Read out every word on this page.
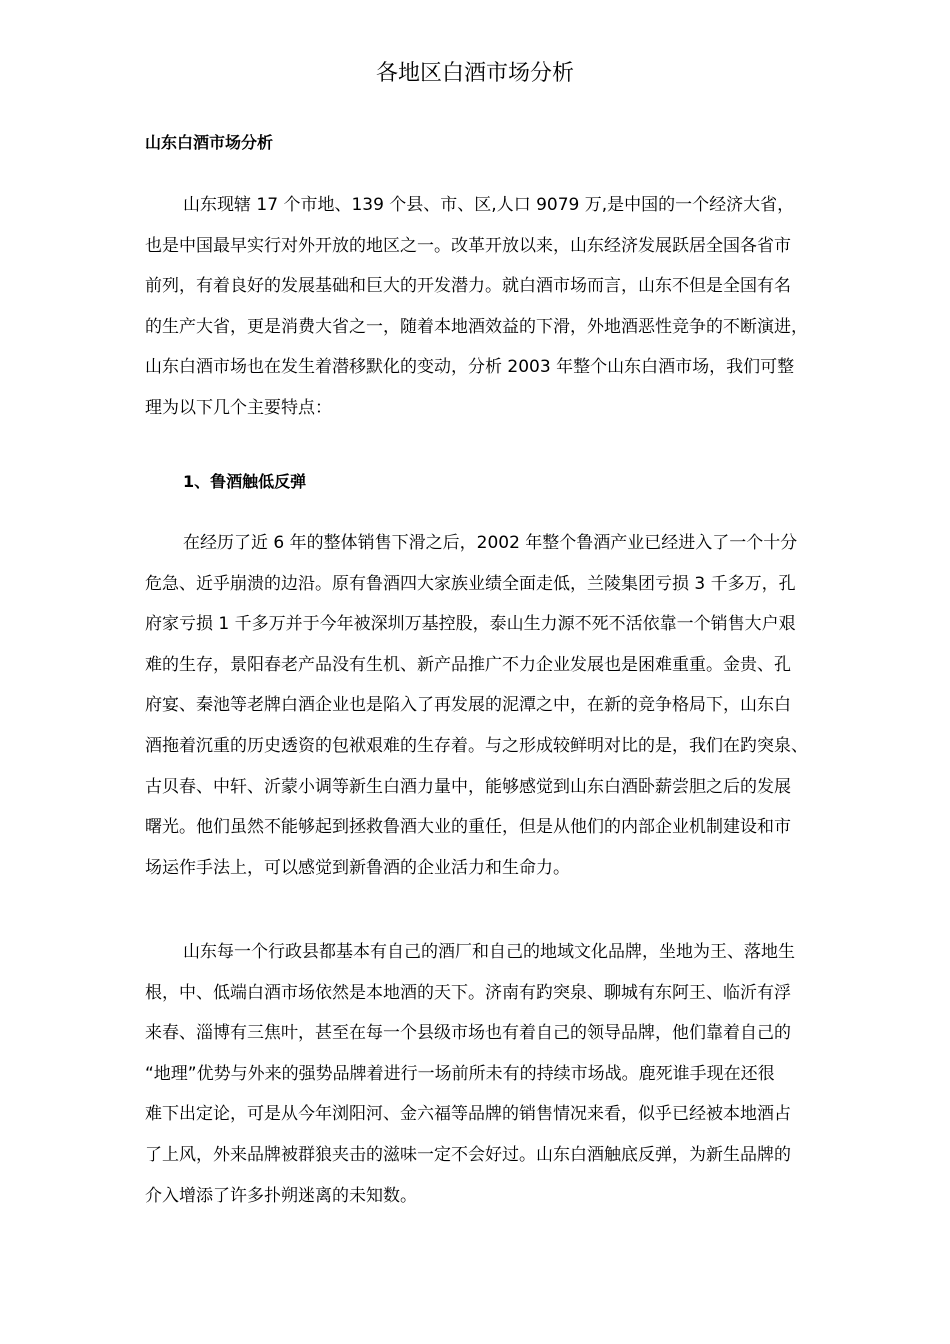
各地区白酒市场分析
山东白酒市场分析
山东现辖 17 个市地、139 个县、市、区,人口 9079 万,是中国的一个经济大省，
也是中国最早实行对外开放的地区之一。改革开放以来，山东经济发展跃居全国各省市
前列，有着良好的发展基础和巨大的开发潜力。就白酒市场而言，山东不但是全国有名
的生产大省，更是消费大省之一，随着本地酒效益的下滑，外地酒恶性竞争的不断演进，
山东白酒市场也在发生着潜移默化的变动，分析 2003 年整个山东白酒市场，我们可整
理为以下几个主要特点：
1、鲁酒触低反弹
在经历了近 6 年的整体销售下滑之后，2002 年整个鲁酒产业已经进入了一个十分
危急、近乎崩溃的边沿。原有鲁酒四大家族业绩全面走低，兰陵集团亏损 3 千多万，孔
府家亏损 1 千多万并于今年被深圳万基控股，泰山生力源不死不活依靠一个销售大户艰
难的生存，景阳春老产品没有生机、新产品推广不力企业发展也是困难重重。金贵、孔
府宴、秦池等老牌白酒企业也是陷入了再发展的泥潭之中，在新的竞争格局下，山东白
酒拖着沉重的历史透资的包袱艰难的生存着。与之形成较鲜明对比的是，我们在趵突泉、
古贝春、中轩、沂蒙小调等新生白酒力量中，能够感觉到山东白酒卧薪尝胆之后的发展
曙光。他们虽然不能够起到拯救鲁酒大业的重任，但是从他们的内部企业机制建设和市
场运作手法上，可以感觉到新鲁酒的企业活力和生命力。
山东每一个行政县都基本有自己的酒厂和自己的地域文化品牌，坐地为王、落地生
根，中、低端白酒市场依然是本地酒的天下。济南有趵突泉、聊城有东阿王、临沂有浮
来春、淄博有三焦叶，甚至在每一个县级市场也有着自己的领导品牌，他们靠着自己的
“地理”优势与外来的强势品牌着进行一场前所未有的持续市场战。鹿死谁手现在还很
难下出定论，可是从今年浏阳河、金六福等品牌的销售情况来看，似乎已经被本地酒占
了上风，外来品牌被群狼夹击的滋味一定不会好过。山东白酒触底反弹，为新生品牌的
介入增添了许多扑朔迷离的未知数。
